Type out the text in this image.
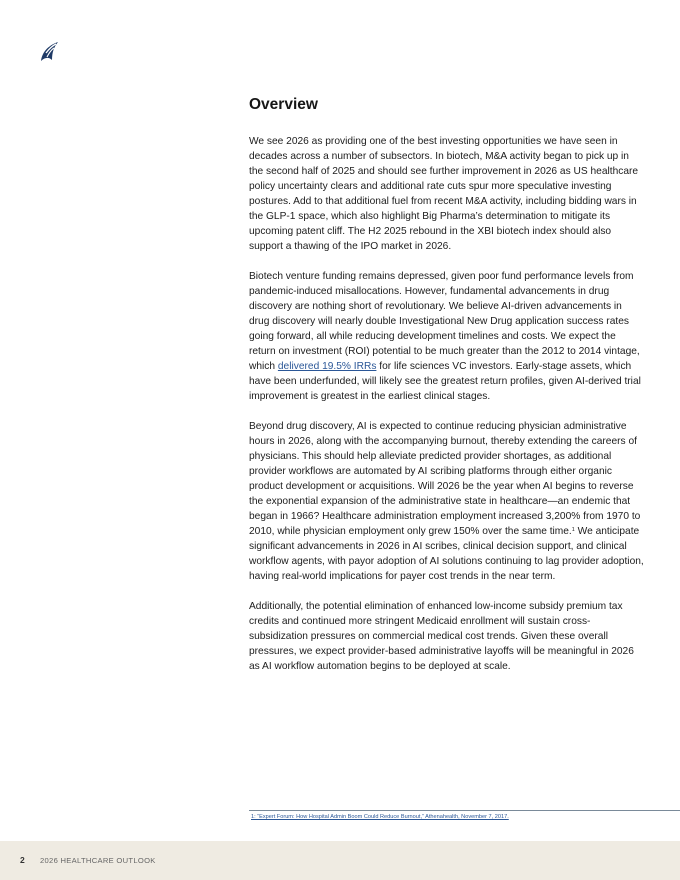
Overview

We see 2026 as providing one of the best investing opportunities we have seen in decades across a number of subsectors. In biotech, M&A activity began to pick up in the second half of 2025 and should see further improvement in 2026 as US healthcare policy uncertainty clears and additional rate cuts spur more speculative investing postures. Add to that additional fuel from recent M&A activity, including bidding wars in the GLP-1 space, which also highlight Big Pharma’s determination to mitigate its upcoming patent cliff. The H2 2025 rebound in the XBI biotech index should also support a thawing of the IPO market in 2026.

Biotech venture funding remains depressed, given poor fund performance levels from pandemic-induced misallocations. However, fundamental advancements in drug discovery are nothing short of revolutionary. We believe AI-driven advancements in drug discovery will nearly double Investigational New Drug application success rates going forward, all while reducing development timelines and costs. We expect the return on investment (ROI) potential to be much greater than the 2012 to 2014 vintage, which delivered 19.5% IRRs for life sciences VC investors. Early-stage assets, which have been underfunded, will likely see the greatest return profiles, given AI-derived trial improvement is greatest in the earliest clinical stages.

Beyond drug discovery, AI is expected to continue reducing physician administrative hours in 2026, along with the accompanying burnout, thereby extending the careers of physicians. This should help alleviate predicted provider shortages, as additional provider workflows are automated by AI scribing platforms through either organic product development or acquisitions. Will 2026 be the year when AI begins to reverse the exponential expansion of the administrative state in healthcare—an endemic that began in 1966? Healthcare administration employment increased 3,200% from 1970 to 2010, while physician employment only grew 150% over the same time.$^1$ We anticipate significant advancements in 2026 in AI scribes, clinical decision support, and clinical workflow agents, with payor adoption of AI solutions continuing to lag provider adoption, having real-world implications for payer cost trends in the near term.

Additionally, the potential elimination of enhanced low-income subsidy premium tax credits and continued more stringent Medicaid enrollment will sustain cross-subsidization pressures on commercial medical cost trends. Given these overall pressures, we expect provider-based administrative layoffs will be meaningful in 2026 as AI workflow automation begins to be deployed at scale.

1: “Expert Forum: How Hospital Admin Boom Could Reduce Burnout,” Athenahealth, November 7, 2017.
2 2026 HEALTHCARE OUTLOOK
